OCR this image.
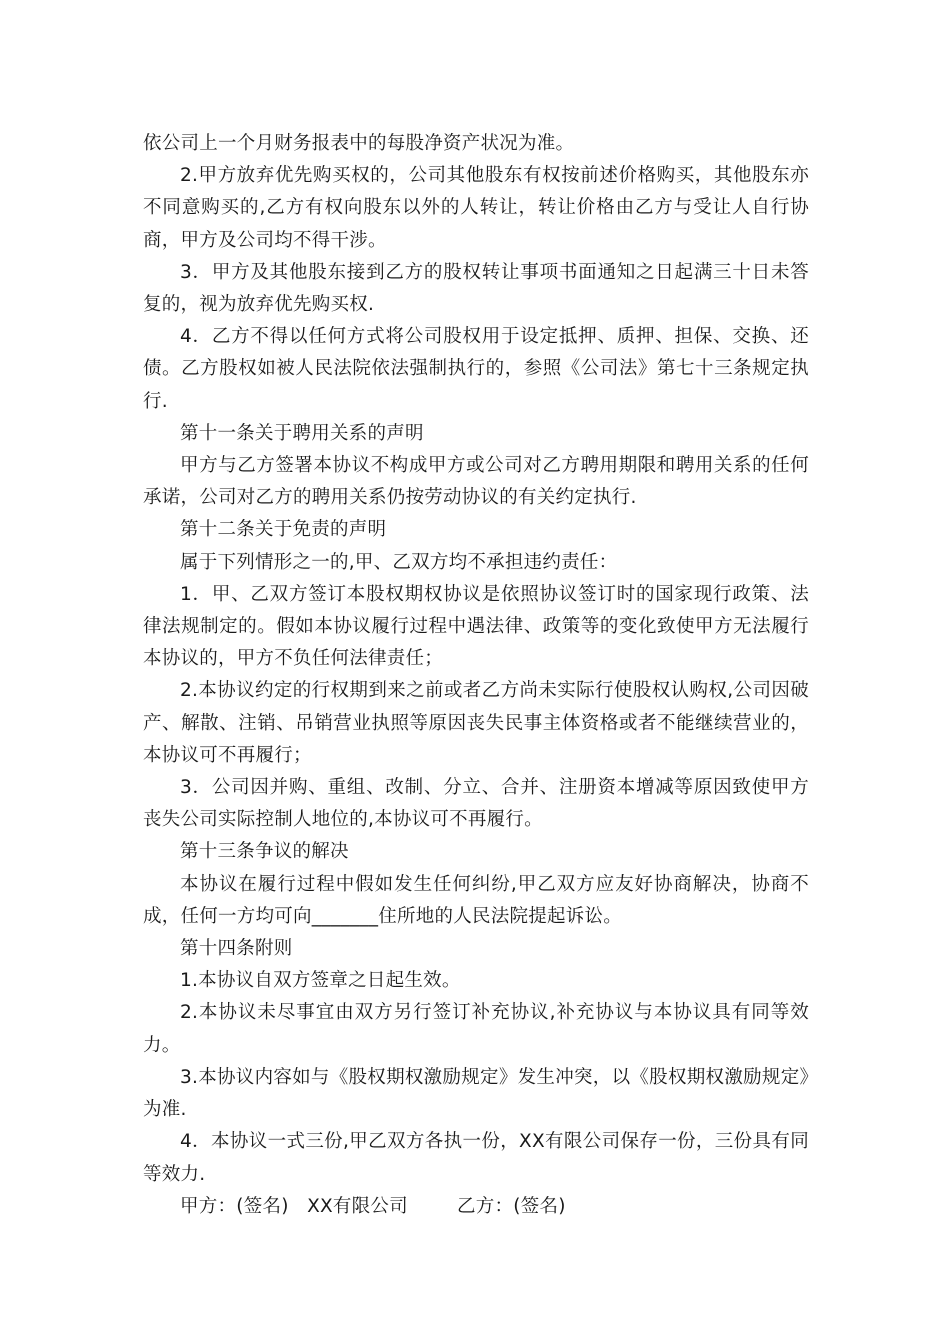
依公司上一个月财务报表中的每股净资产状况为准。

2.甲方放弃优先购买权的，公司其他股东有权按前述价格购买，其他股东亦不同意购买的,乙方有权向股东以外的人转让，转让价格由乙方与受让人自行协商，甲方及公司均不得干涉。

3．甲方及其他股东接到乙方的股权转让事项书面通知之日起满三十日未答复的，视为放弃优先购买权.

4．乙方不得以任何方式将公司股权用于设定抵押、质押、担保、交换、还债。乙方股权如被人民法院依法强制执行的，参照《公司法》第七十三条规定执行.

第十一条关于聘用关系的声明

甲方与乙方签署本协议不构成甲方或公司对乙方聘用期限和聘用关系的任何承诺，公司对乙方的聘用关系仍按劳动协议的有关约定执行.

第十二条关于免责的声明

属于下列情形之一的,甲、乙双方均不承担违约责任：

1．甲、乙双方签订本股权期权协议是依照协议签订时的国家现行政策、法律法规制定的。假如本协议履行过程中遇法律、政策等的变化致使甲方无法履行本协议的，甲方不负任何法律责任；

2.本协议约定的行权期到来之前或者乙方尚未实际行使股权认购权,公司因破产、解散、注销、吊销营业执照等原因丧失民事主体资格或者不能继续营业的，本协议可不再履行；

3．公司因并购、重组、改制、分立、合并、注册资本增减等原因致使甲方丧失公司实际控制人地位的,本协议可不再履行。

第十三条争议的解决

本协议在履行过程中假如发生任何纠纷,甲乙双方应友好协商解决，协商不成，任何一方均可向_______住所地的人民法院提起诉讼。

第十四条附则

1.本协议自双方签章之日起生效。

2.本协议未尽事宜由双方另行签订补充协议,补充协议与本协议具有同等效力。

3.本协议内容如与《股权期权激励规定》发生冲突，以《股权期权激励规定》为准.

4．本协议一式三份,甲乙双方各执一份，XX有限公司保存一份，三份具有同等效力.

甲方：(签名)   XX有限公司	乙方：(签名)
